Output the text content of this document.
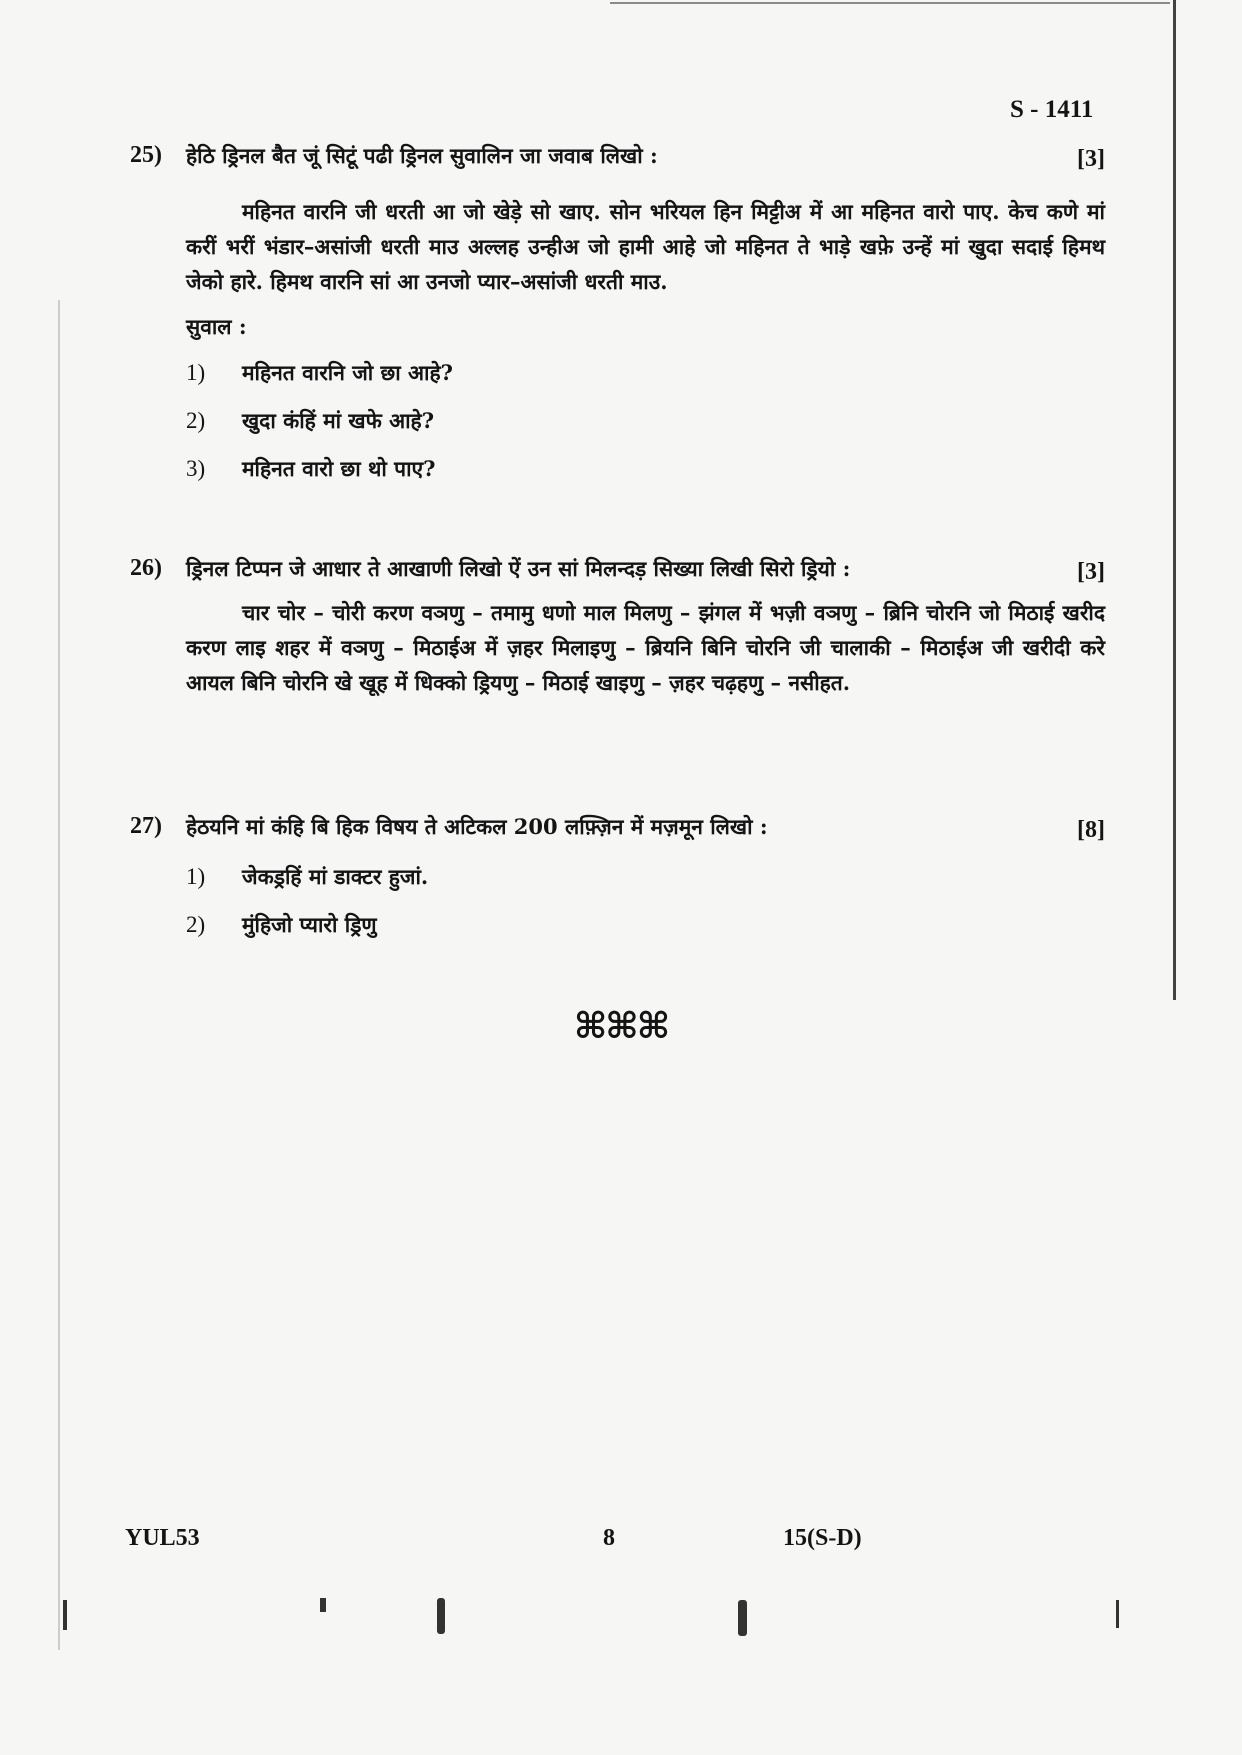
S - 1411
25) हेठि ड्रिनल बैत जूं सिटूं पढी ड्रिनल सुवालिन जा जवाब लिखो :	[3]
महिनत वारनि जी धरती आ जो खेड़े सो खाए. सोन भरियल हिन मिट्टीअ में आ महिनत वारो पाए. केच कणे मां करीं भरीं भंडार–असांजी धरती माउ अल्लह उन्हीअ जो हामी आहे जो महिनत ते भाड़े खफ़े उन्हें मां खुदा सदाई हिमथ जेको हारे. हिमथ वारनि सां आ उनजो प्यार–असांजी धरती माउ.
सुवाल :
1) महिनत वारनि जो छा आहे?
2) खुदा कंहिं मां खफे आहे?
3) महिनत वारो छा थो पाए?
26) ड्रिनल टिप्पन जे आधार ते आखाणी लिखो ऐं उन सां मिलन्दड़ सिख्या लिखी सिरो ड्रियो :	[3]
चार चोर – चोरी करण वञणु – तमामु धणो माल मिलणु – झंगल में भज़ी वञणु – ब्रिनि चोरनि जो मिठाई खरीद करण लाइ शहर में वञणु – मिठाईअ में ज़हर मिलाइणु – ब्रियनि बिनि चोरनि जी चालाकी – मिठाईअ जी खरीदी करे आयल बिनि चोरनि खे खूह में धिक्को ड्रियणु – मिठाई खाइणु – ज़हर चढ़हणु – नसीहत.
27) हेठयनि मां कंहि बि हिक विषय ते अटिकल 200 लफ़्ज़िन में मज़मून लिखो :	[8]
1) जेकड्रहिं मां डाक्टर हुजां.
2) मुंहिजो प्यारो ड्रिणु
⌘⌘⌘
YUL53	8	15(S-D)
